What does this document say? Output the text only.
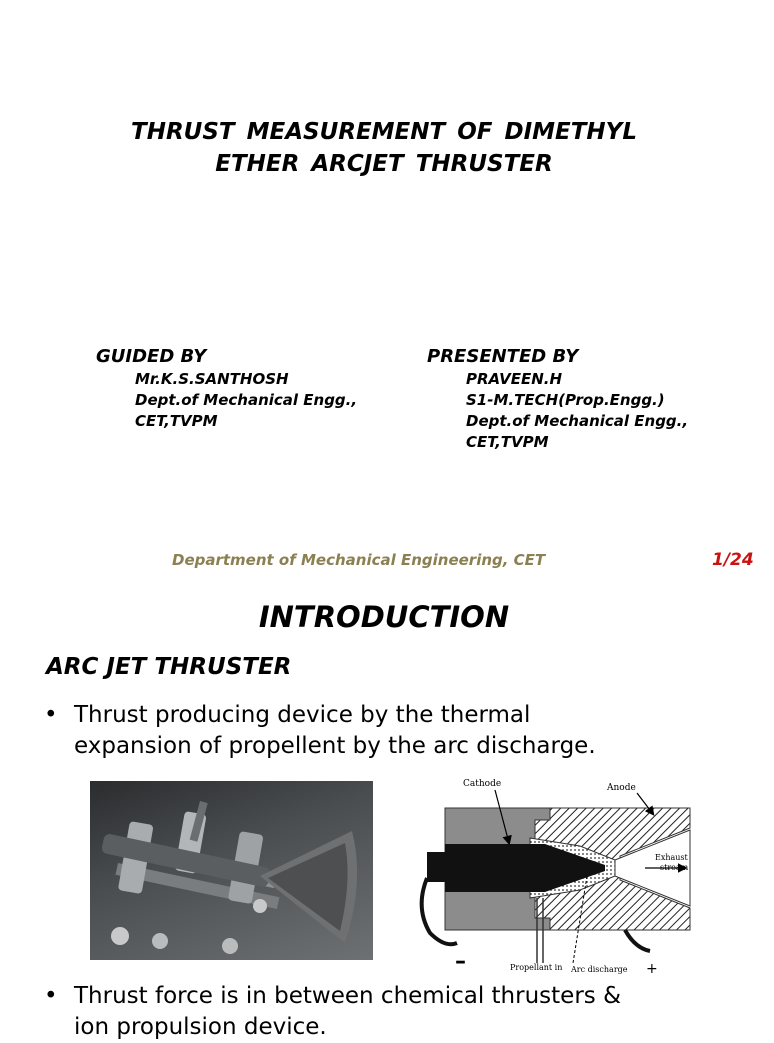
THRUST MEASUREMENT OF DIMETHYL
ETHER ARCJET THRUSTER
GUIDED BY
Mr.K.S.SANTHOSH
Dept.of Mechanical Engg.,
CET,TVPM
PRESENTED BY
PRAVEEN.H
S1-M.TECH(Prop.Engg.)
Dept.of Mechanical Engg.,
CET,TVPM
Department of Mechanical Engineering, CET	1/24
INTRODUCTION
ARC JET THRUSTER
• Thrust producing device by the thermal
expansion of propellent by the arc discharge.
Cathode	Anode
Exhaust
stream
Propellant in Arc discharge
–	+
• Thrust force is in between chemical thrusters &
ion propulsion device.
